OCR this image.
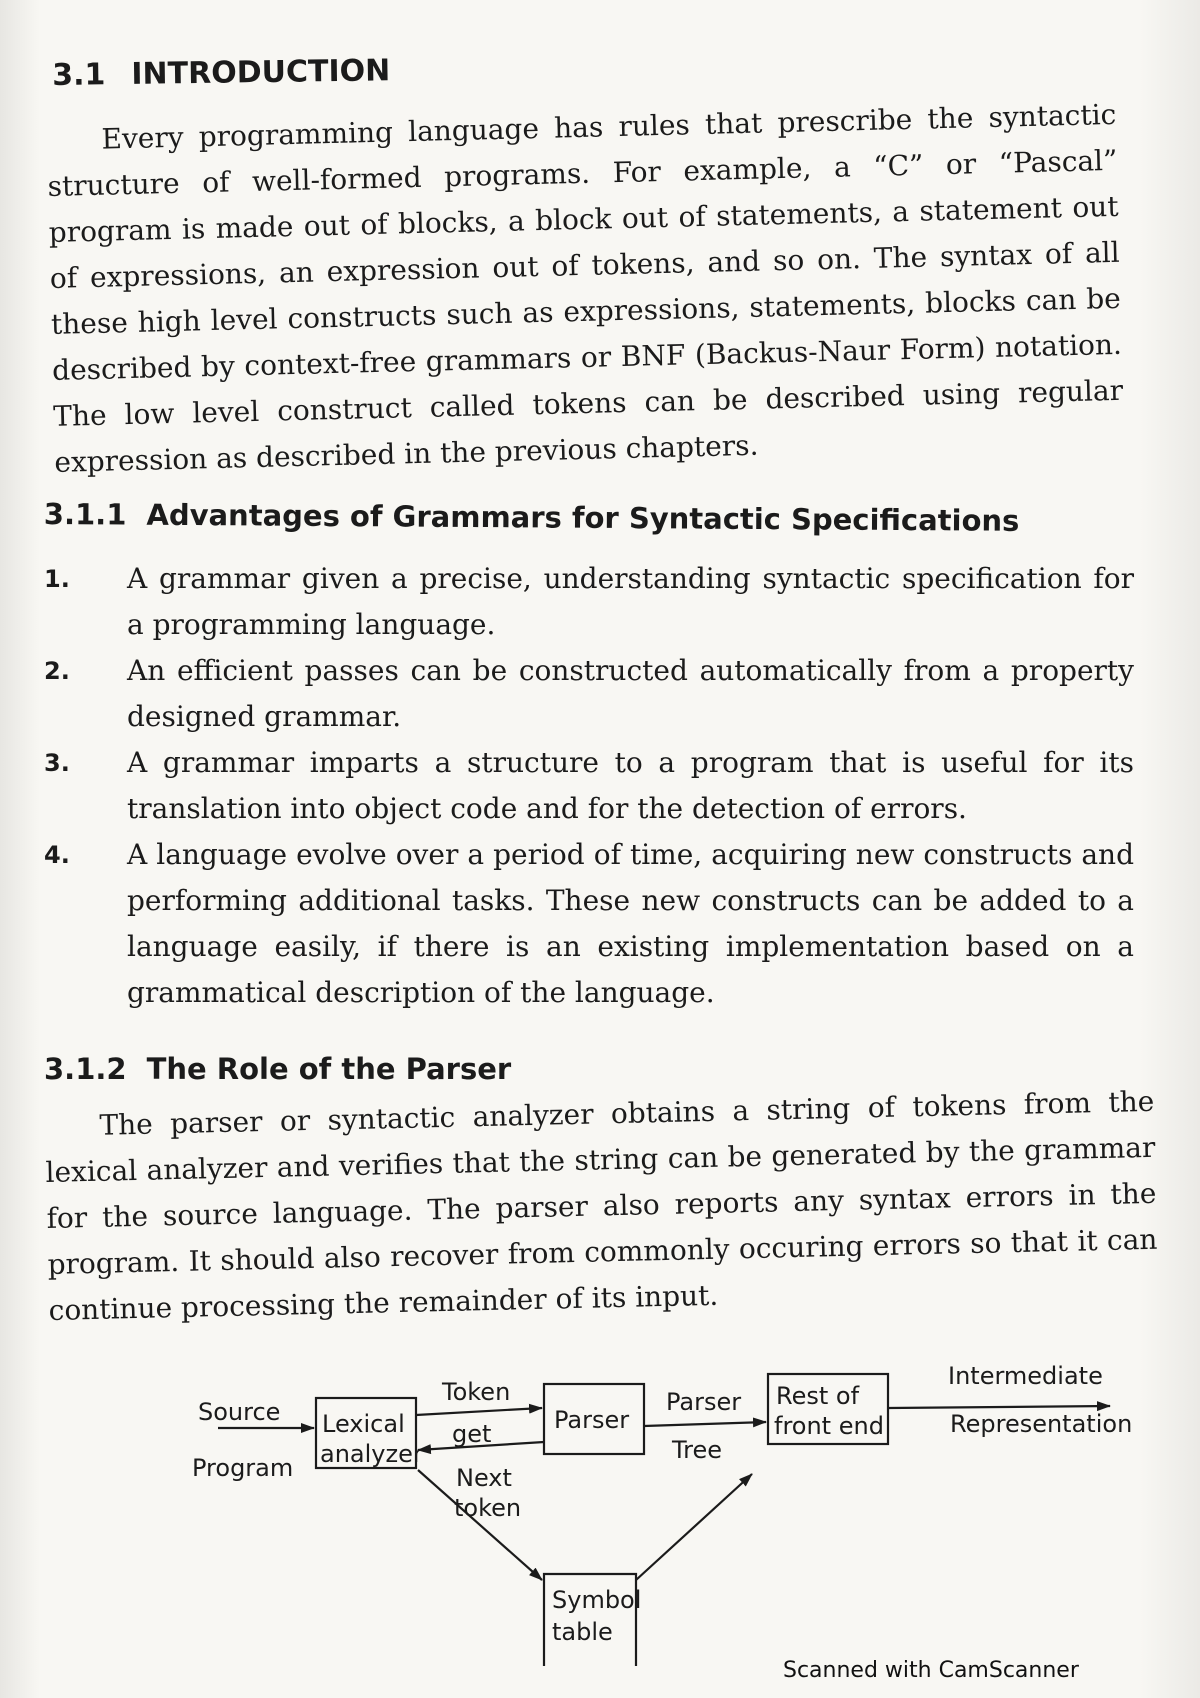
3.1 INTRODUCTION
Every programming language has rules that prescribe the syntactic structure of well-formed programs. For example, a “C” or “Pascal” program is made out of blocks, a block out of statements, a statement out of expressions, an expression out of tokens, and so on. The syntax of all these high level constructs such as expressions, statements, blocks can be described by context-free grammars or BNF (Backus-Naur Form) notation. The low level construct called tokens can be described using regular expression as described in the previous chapters.
3.1.1 Advantages of Grammars for Syntactic Specifications
1. A grammar given a precise, understanding syntactic specification for a programming language.
2. An efficient passes can be constructed automatically from a property designed grammar.
3. A grammar imparts a structure to a program that is useful for its translation into object code and for the detection of errors.
4. A language evolve over a period of time, acquiring new constructs and performing additional tasks. These new constructs can be added to a language easily, if there is an existing implementation based on a grammatical description of the language.
3.1.2 The Role of the Parser
The parser or syntactic analyzer obtains a string of tokens from the lexical analyzer and verifies that the string can be generated by the grammar for the source language. The parser also reports any syntax errors in the program. It should also recover from commonly occuring errors so that it can continue processing the remainder of its input.
Source
Program
Lexical
analyzer
Token
get
Next
token
Parser
Parser
Tree
Rest of
front end
Intermediate
Representation
Symbol
table
Scanned with CamScanner
